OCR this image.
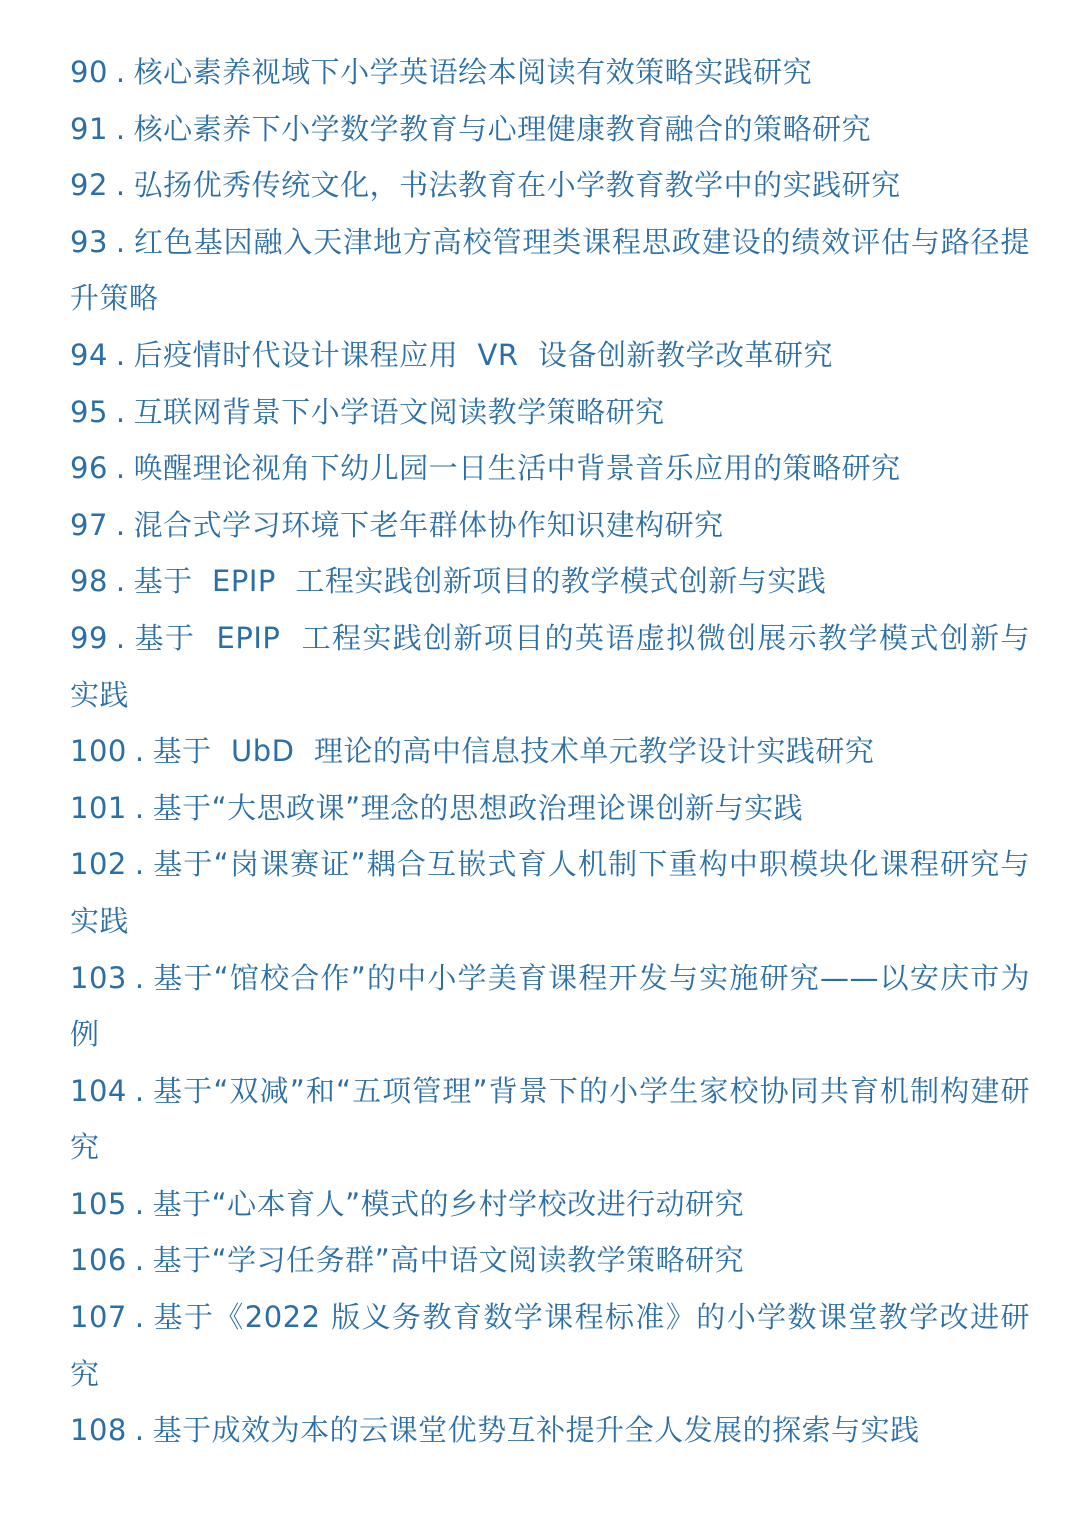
90 . 核心素养视域下小学英语绘本阅读有效策略实践研究

91 . 核心素养下小学数学教育与心理健康教育融合的策略研究

92 . 弘扬优秀传统文化，书法教育在小学教育教学中的实践研究

93 . 红色基因融入天津地方高校管理类课程思政建设的绩效评估与路径提升策略

94 . 后疫情时代设计课程应用  VR  设备创新教学改革研究

95 . 互联网背景下小学语文阅读教学策略研究

96 . 唤醒理论视角下幼儿园一日生活中背景音乐应用的策略研究

97 . 混合式学习环境下老年群体协作知识建构研究

98 . 基于  EPIP  工程实践创新项目的教学模式创新与实践

99 . 基于  EPIP  工程实践创新项目的英语虚拟微创展示教学模式创新与实践

100 . 基于  UbD  理论的高中信息技术单元教学设计实践研究

101 . 基于“大思政课”理念的思想政治理论课创新与实践

102 . 基于“岗课赛证”耦合互嵌式育人机制下重构中职模块化课程研究与实践

103 . 基于“馆校合作”的中小学美育课程开发与实施研究——以安庆市为例

104 . 基于“双减”和“五项管理”背景下的小学生家校协同共育机制构建研究

105 . 基于“心本育人”模式的乡村学校改进行动研究

106 . 基于“学习任务群”高中语文阅读教学策略研究

107 . 基于《2022 版义务教育数学课程标准》的小学数课堂教学改进研究

108 . 基于成效为本的云课堂优势互补提升全人发展的探索与实践
